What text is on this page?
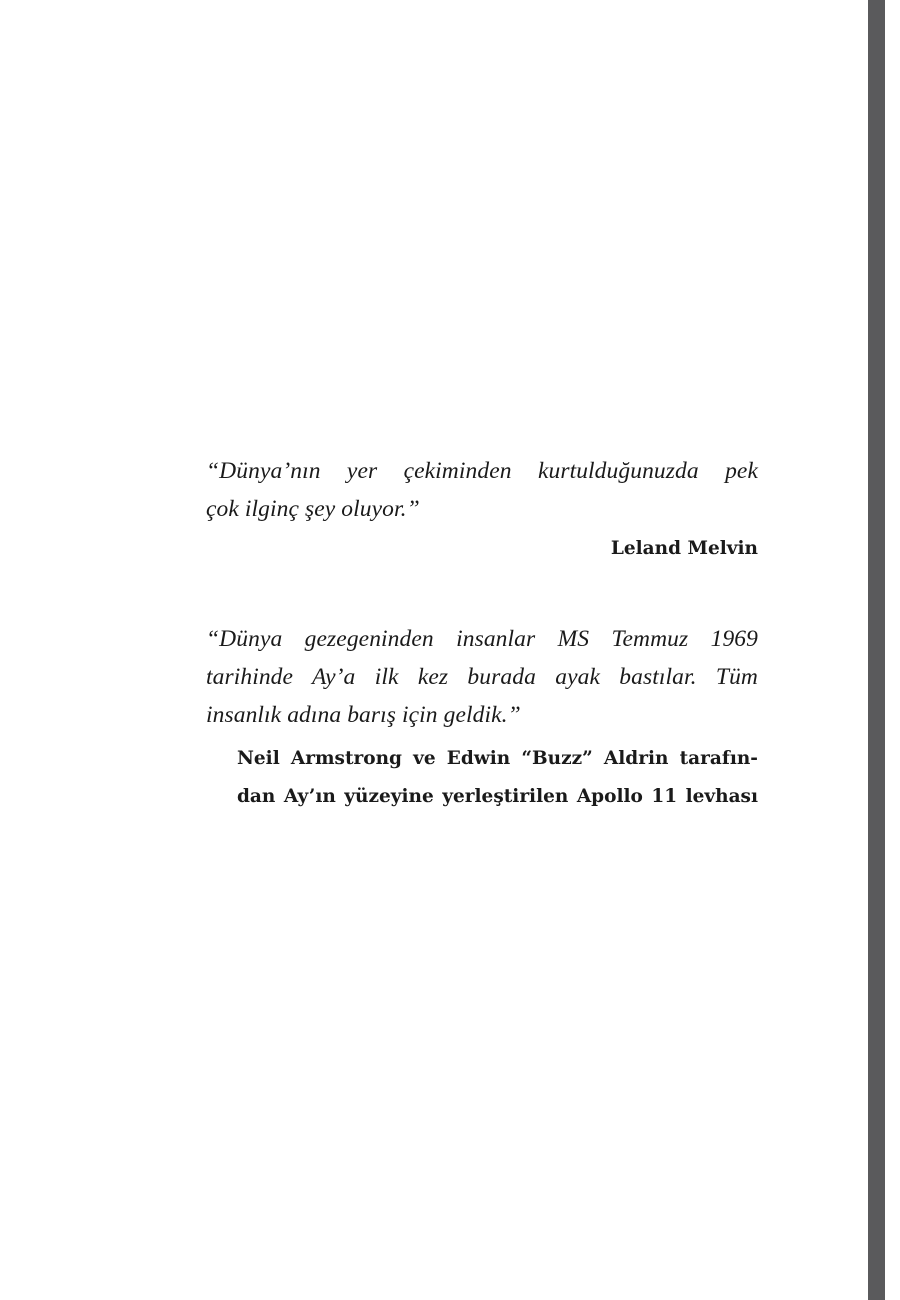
“Dünya’nın yer çekiminden kurtulduğunuzda pek
çok ilginç şey oluyor.”

Leland Melvin

“Dünya gezegeninden insanlar MS Temmuz 1969
tarihinde Ay’a ilk kez burada ayak bastılar. Tüm
insanlık adına barış için geldik.”

Neil Armstrong ve Edwin “Buzz” Aldrin tarafın-
dan Ay’ın yüzeyine yerleştirilen Apollo 11 levhası
